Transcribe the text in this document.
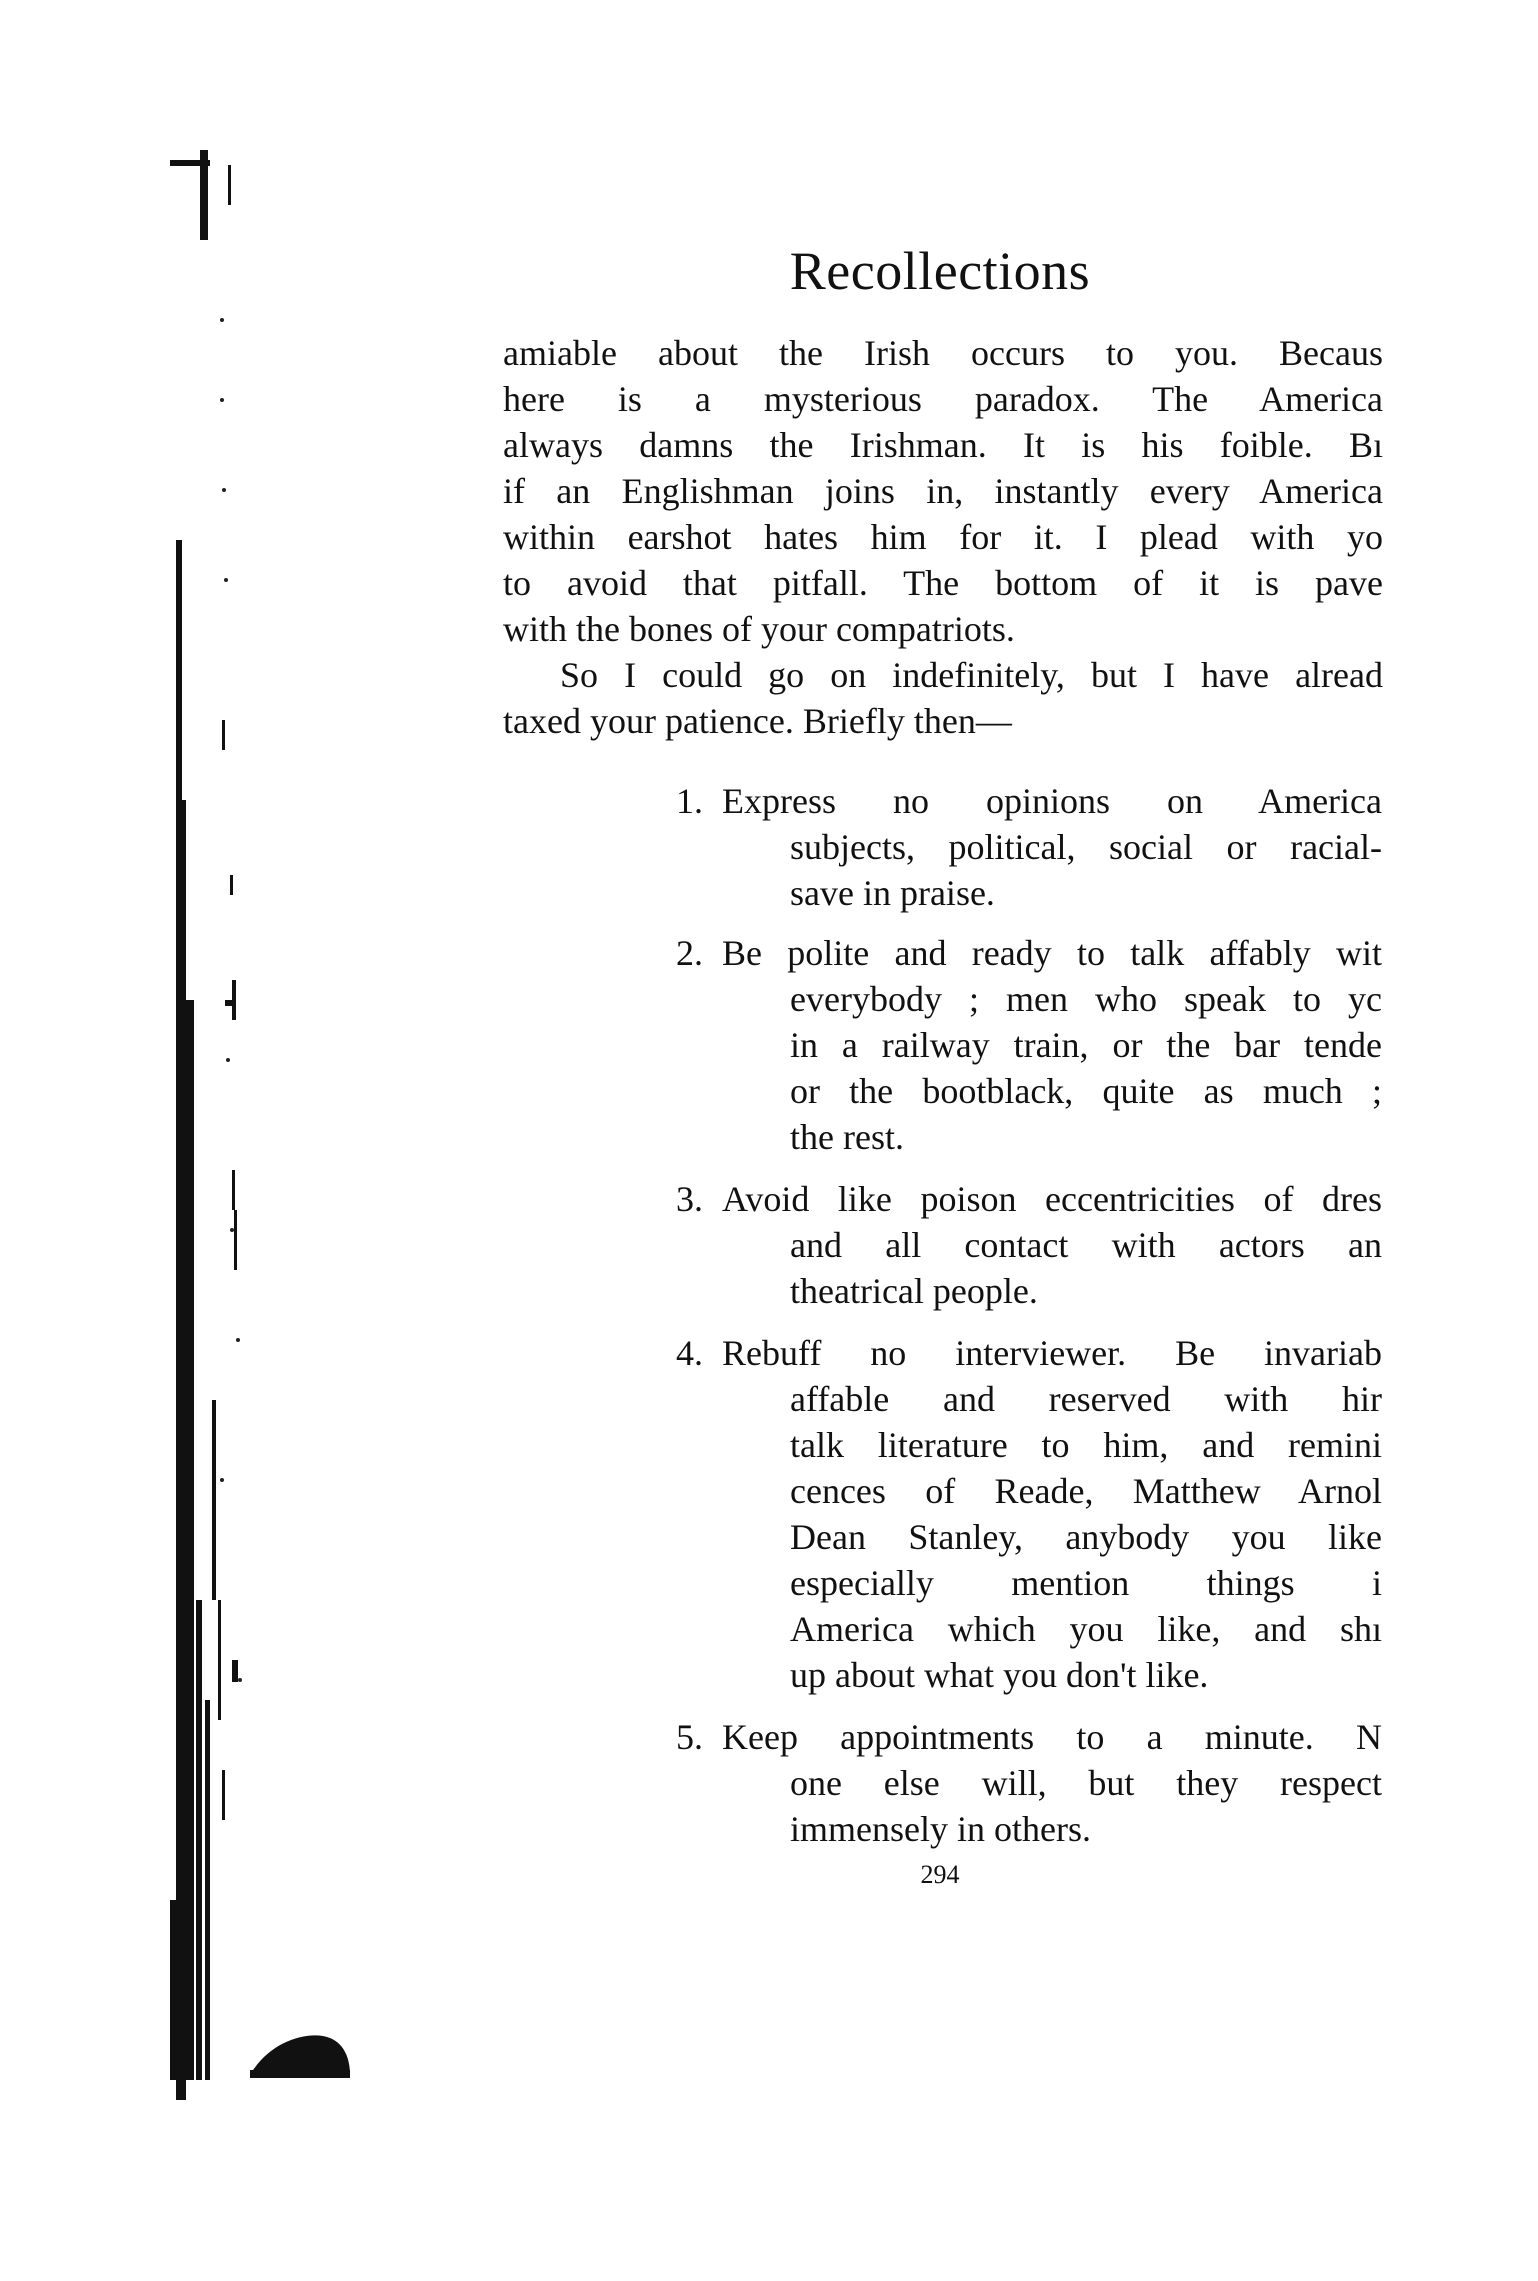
Recollections
amiable about the Irish occurs to you. Becaus
here is a mysterious paradox. The America
always damns the Irishman. It is his foible. Bı
if an Englishman joins in, instantly every America
within earshot hates him for it. I plead with yo
to avoid that pitfall. The bottom of it is pave
with the bones of your compatriots.
So I could go on indefinitely, but I have alread
taxed your patience. Briefly then—
1. Express no opinions on America
subjects, political, social or racial-
save in praise.
2. Be polite and ready to talk affably wit
everybody ; men who speak to yc
in a railway train, or the bar tende
or the bootblack, quite as much ;
the rest.
3. Avoid like poison eccentricities of dres
and all contact with actors an
theatrical people.
4. Rebuff no interviewer. Be invariab
affable and reserved with hir
talk literature to him, and remini
cences of Reade, Matthew Arnol
Dean Stanley, anybody you like
especially mention things i
America which you like, and shı
up about what you don't like.
5. Keep appointments to a minute. N
one else will, but they respect
immensely in others.
294
